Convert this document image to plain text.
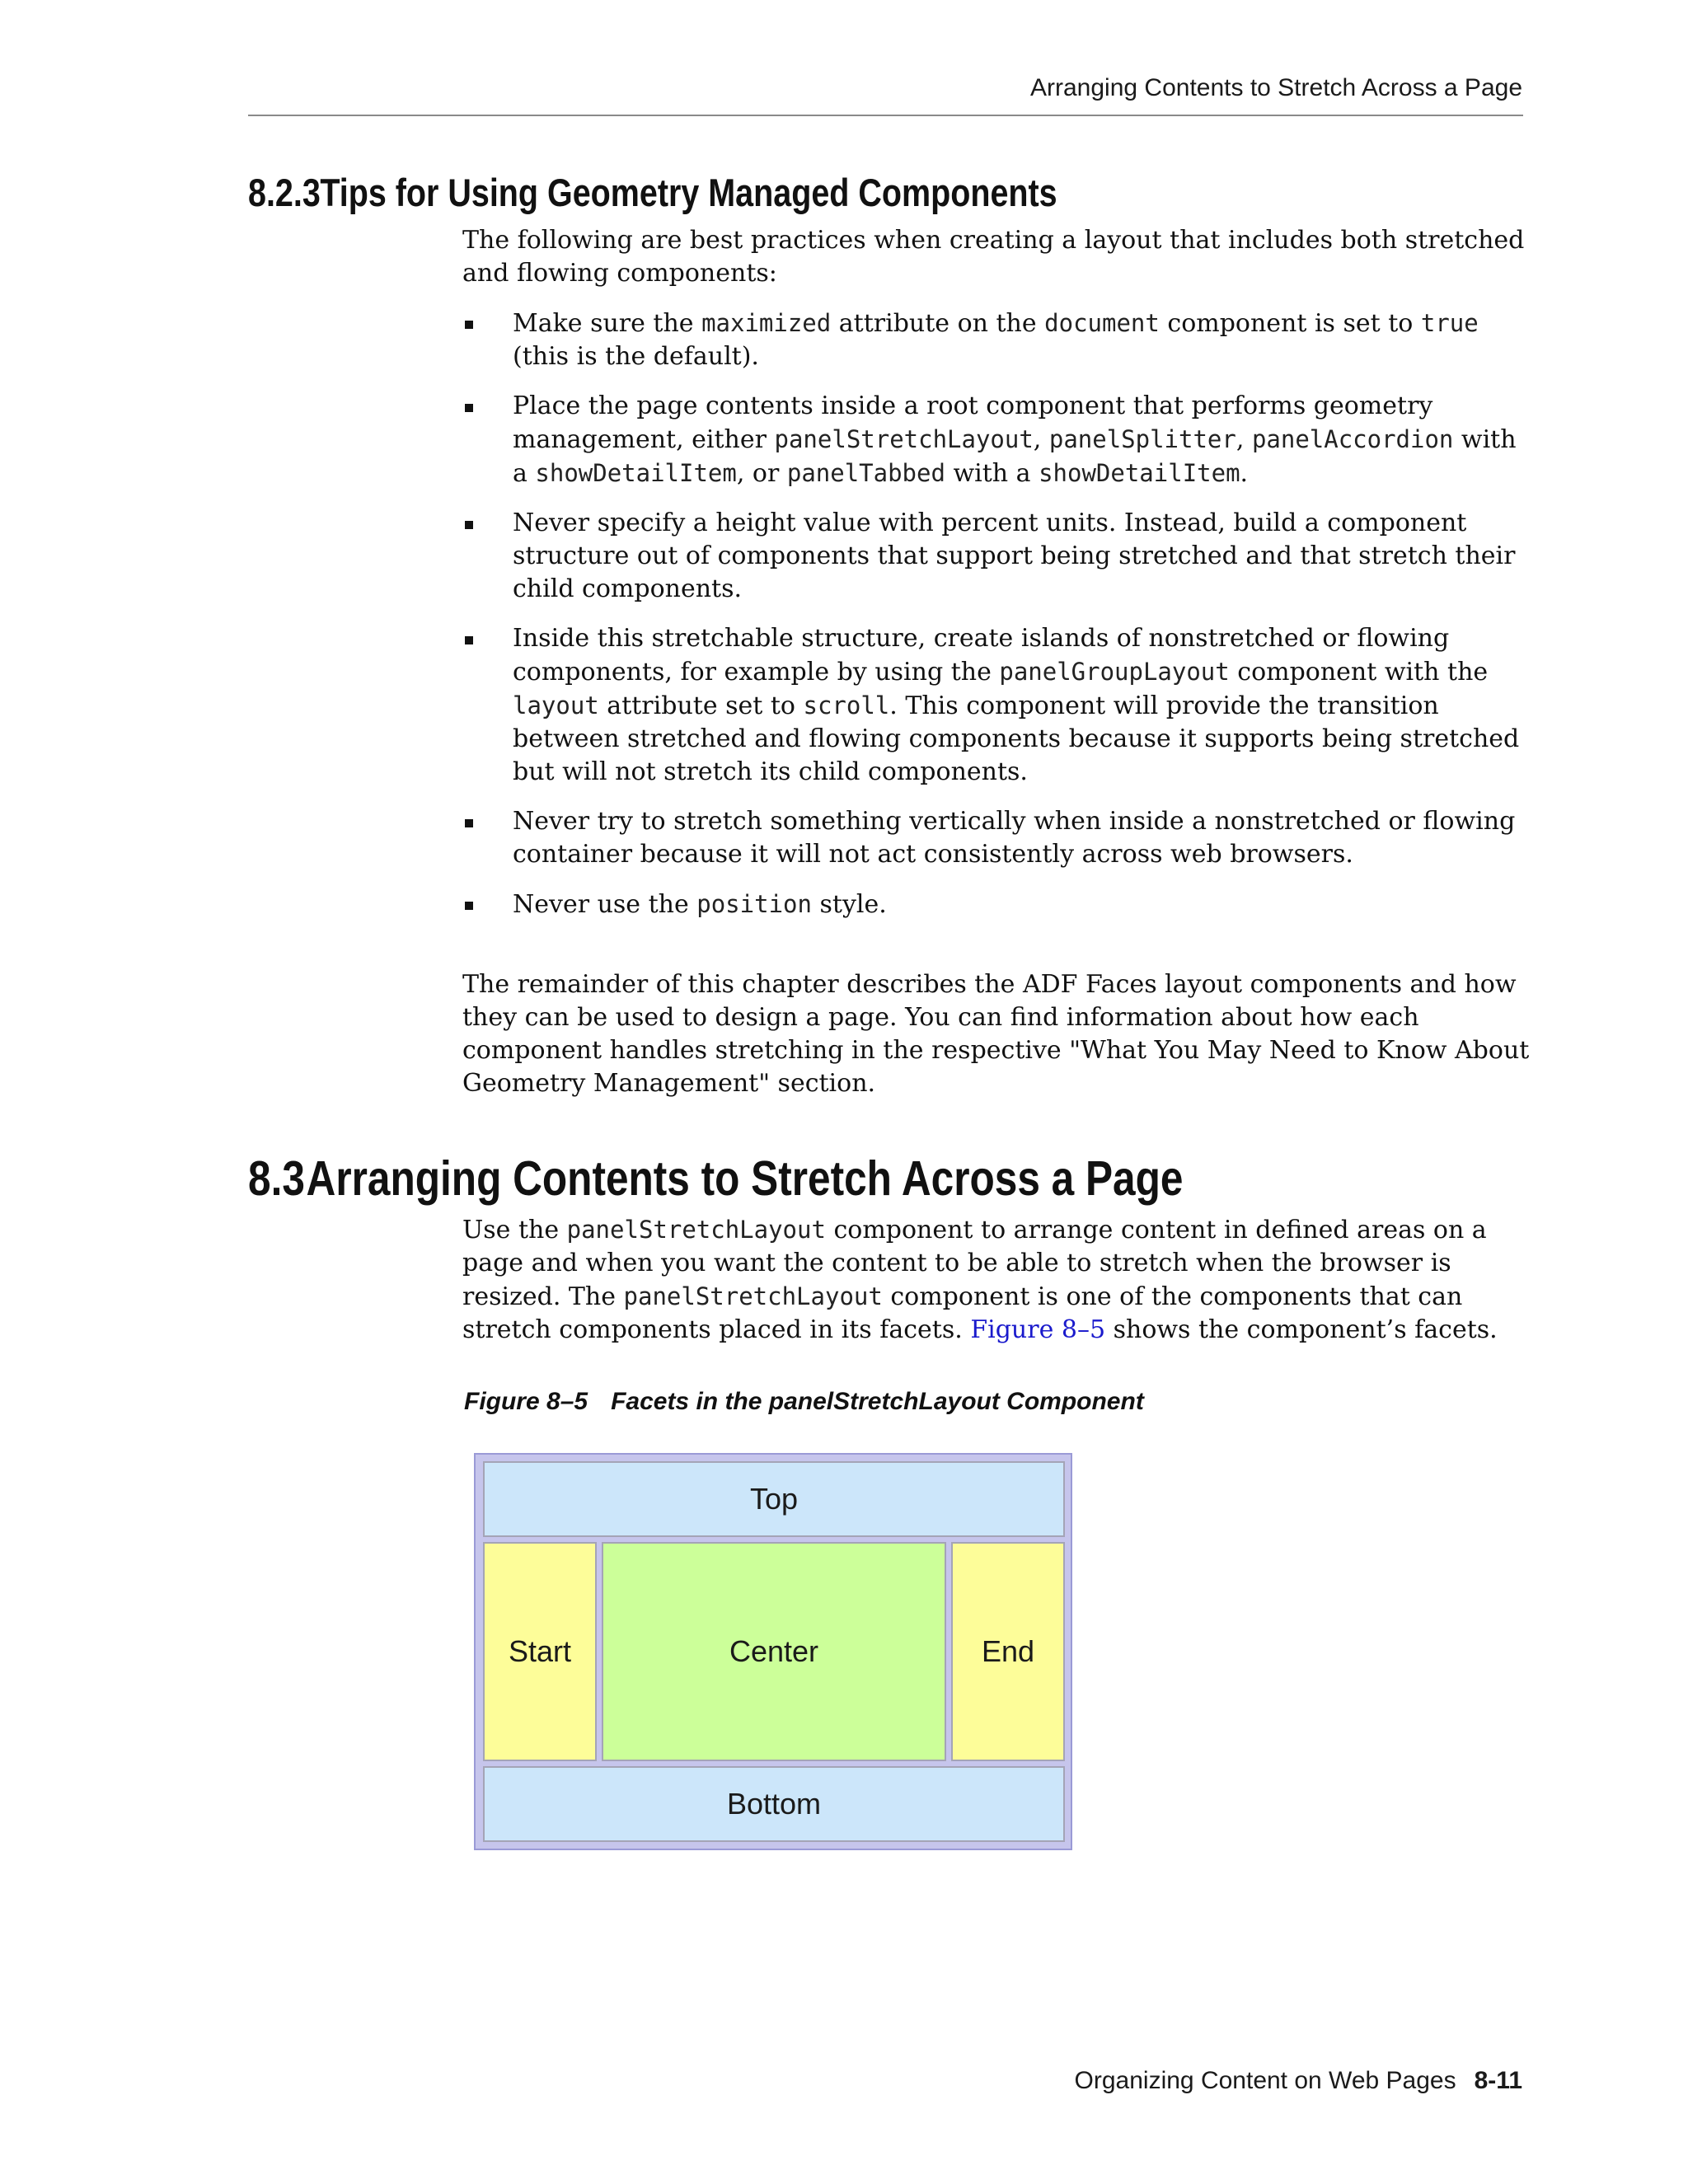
Arranging Contents to Stretch Across a Page
8.2.3Tips for Using Geometry Managed Components

The following are best practices when creating a layout that includes both stretched and flowing components:

Make sure the maximized attribute on the document component is set to true (this is the default).
Place the page contents inside a root component that performs geometry management, either panelStretchLayout, panelSplitter, panelAccordion with a showDetailItem, or panelTabbed with a showDetailItem.
Never specify a height value with percent units. Instead, build a component structure out of components that support being stretched and that stretch their child components.
Inside this stretchable structure, create islands of nonstretched or flowing components, for example by using the panelGroupLayout component with the layout attribute set to scroll. This component will provide the transition between stretched and flowing components because it supports being stretched but will not stretch its child components.
Never try to stretch something vertically when inside a nonstretched or flowing container because it will not act consistently across web browsers.
Never use the position style.

The remainder of this chapter describes the ADF Faces layout components and how they can be used to design a page. You can find information about how each component handles stretching in the respective "What You May Need to Know About Geometry Management" section.

8.3Arranging Contents to Stretch Across a Page

Use the panelStretchLayout component to arrange content in defined areas on a page and when you want the content to be able to stretch when the browser is resized. The panelStretchLayout component is one of the components that can stretch components placed in its facets. Figure 8–5 shows the component’s facets.

Figure 8–5 Facets in the panelStretchLayout Component
Top
Start	Center	End
Bottom
Organizing Content on Web Pages 8-11
